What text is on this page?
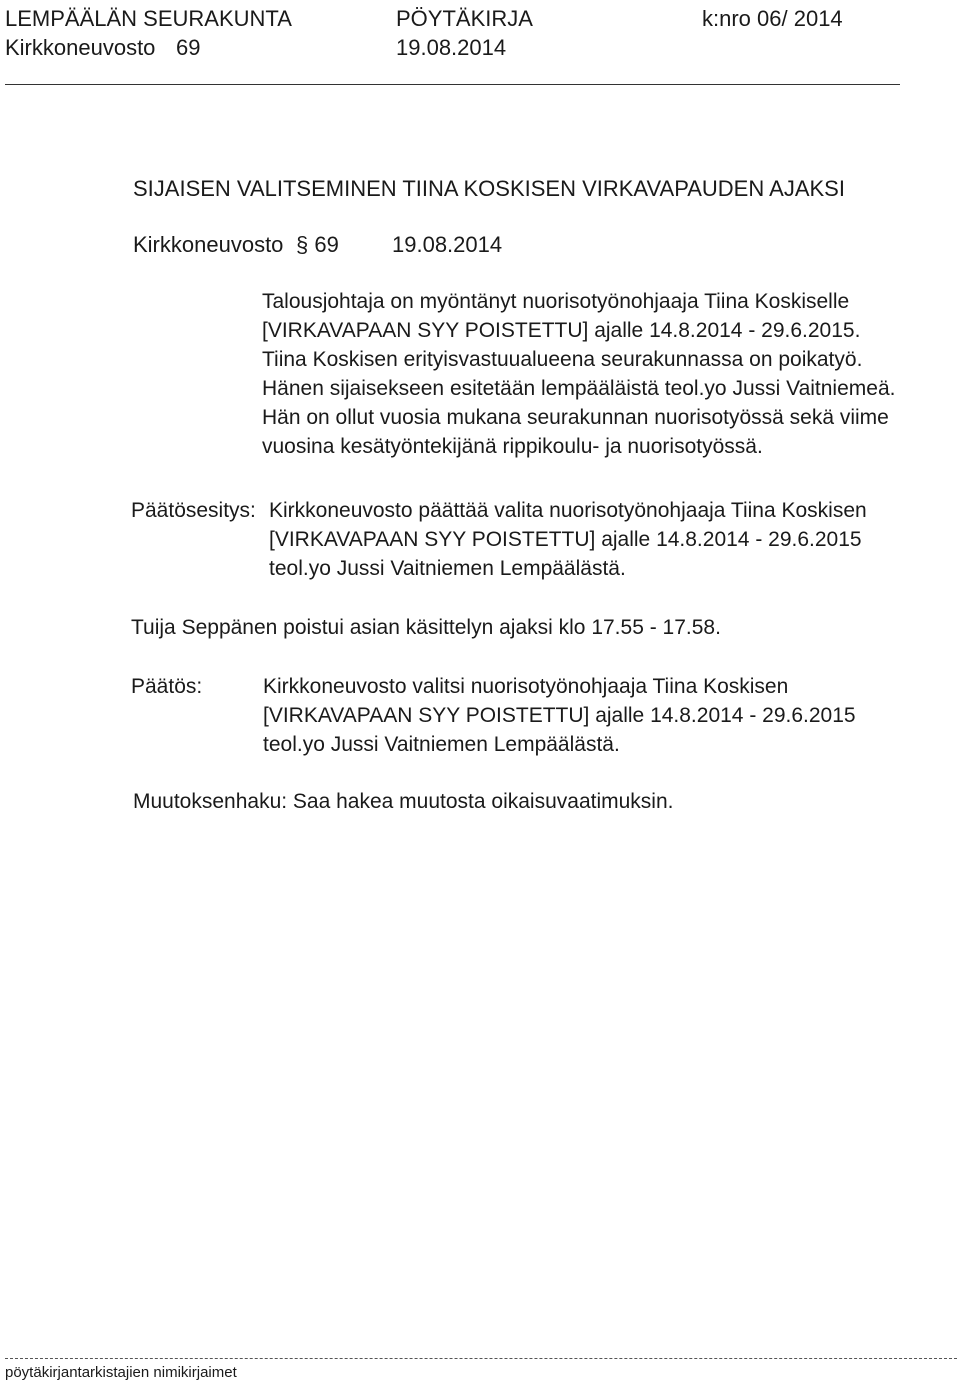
LEMPÄÄLÄN SEURAKUNTA	PÖYTÄKIRJA	k:nro 06/ 2014
Kirkkoneuvosto 69	19.08.2014
SIJAISEN VALITSEMINEN TIINA KOSKISEN VIRKAVAPAUDEN AJAKSI
Kirkkoneuvosto § 69 19.08.2014
Talousjohtaja on myöntänyt nuorisotyönohjaaja Tiina Koskiselle
[VIRKAVAPAAN SYY POISTETTU] ajalle 14.8.2014 - 29.6.2015.
Tiina Koskisen erityisvastuualueena seurakunnassa on poikatyö.
Hänen sijaisekseen esitetään lempääläistä teol.yo Jussi Vaitniemeä.
Hän on ollut vuosia mukana seurakunnan nuorisotyössä sekä viime
vuosina kesätyöntekijänä rippikoulu- ja nuorisotyössä.
Päätösesitys: Kirkkoneuvosto päättää valita nuorisotyönohjaaja Tiina Koskisen
[VIRKAVAPAAN SYY POISTETTU] ajalle 14.8.2014 - 29.6.2015
teol.yo Jussi Vaitniemen Lempäälästä.
Tuija Seppänen poistui asian käsittelyn ajaksi klo 17.55 - 17.58.
Päätös:	Kirkkoneuvosto valitsi nuorisotyönohjaaja Tiina Koskisen
[VIRKAVAPAAN SYY POISTETTU] ajalle 14.8.2014 - 29.6.2015
teol.yo Jussi Vaitniemen Lempäälästä.
Muutoksenhaku: Saa hakea muutosta oikaisuvaatimuksin.
pöytäkirjantarkistajien nimikirjaimet
